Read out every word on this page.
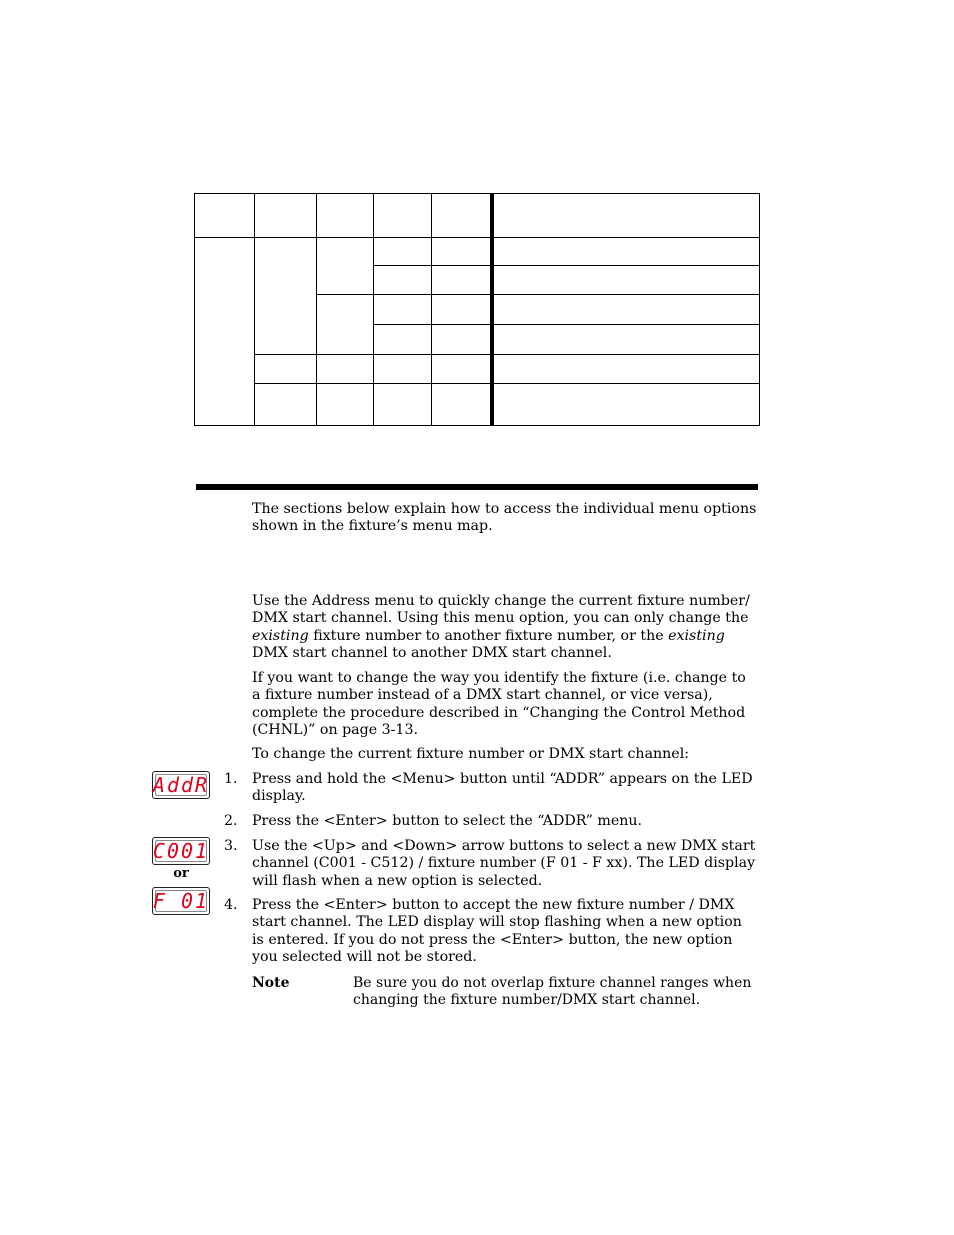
The sections below explain how to access the individual menu options shown in the fixture’s menu map.

Use the Address menu to quickly change the current fixture number/ DMX start channel. Using this menu option, you can only change the existing fixture number to another fixture number, or the existing DMX start channel to another DMX start channel.

If you want to change the way you identify the fixture (i.e. change to a fixture number instead of a DMX start channel, or vice versa), complete the procedure described in “Changing the Control Method (CHNL)” on page 3-13.

To change the current fixture number or DMX start channel:

1. Press and hold the <Menu> button until “ADDR” appears on the LED display.
2. Press the <Enter> button to select the “ADDR” menu.
3. Use the <Up> and <Down> arrow buttons to select a new DMX start channel (C001 - C512) / fixture number (F 01 - F xx). The LED display will flash when a new option is selected.
4. Press the <Enter> button to accept the new fixture number / DMX start channel. The LED display will stop flashing when a new option is entered. If you do not press the <Enter> button, the new option you selected will not be stored.
Note	Be sure you do not overlap fixture channel ranges when changing the fixture number/DMX start channel.
AddR
C001
or
F 01
